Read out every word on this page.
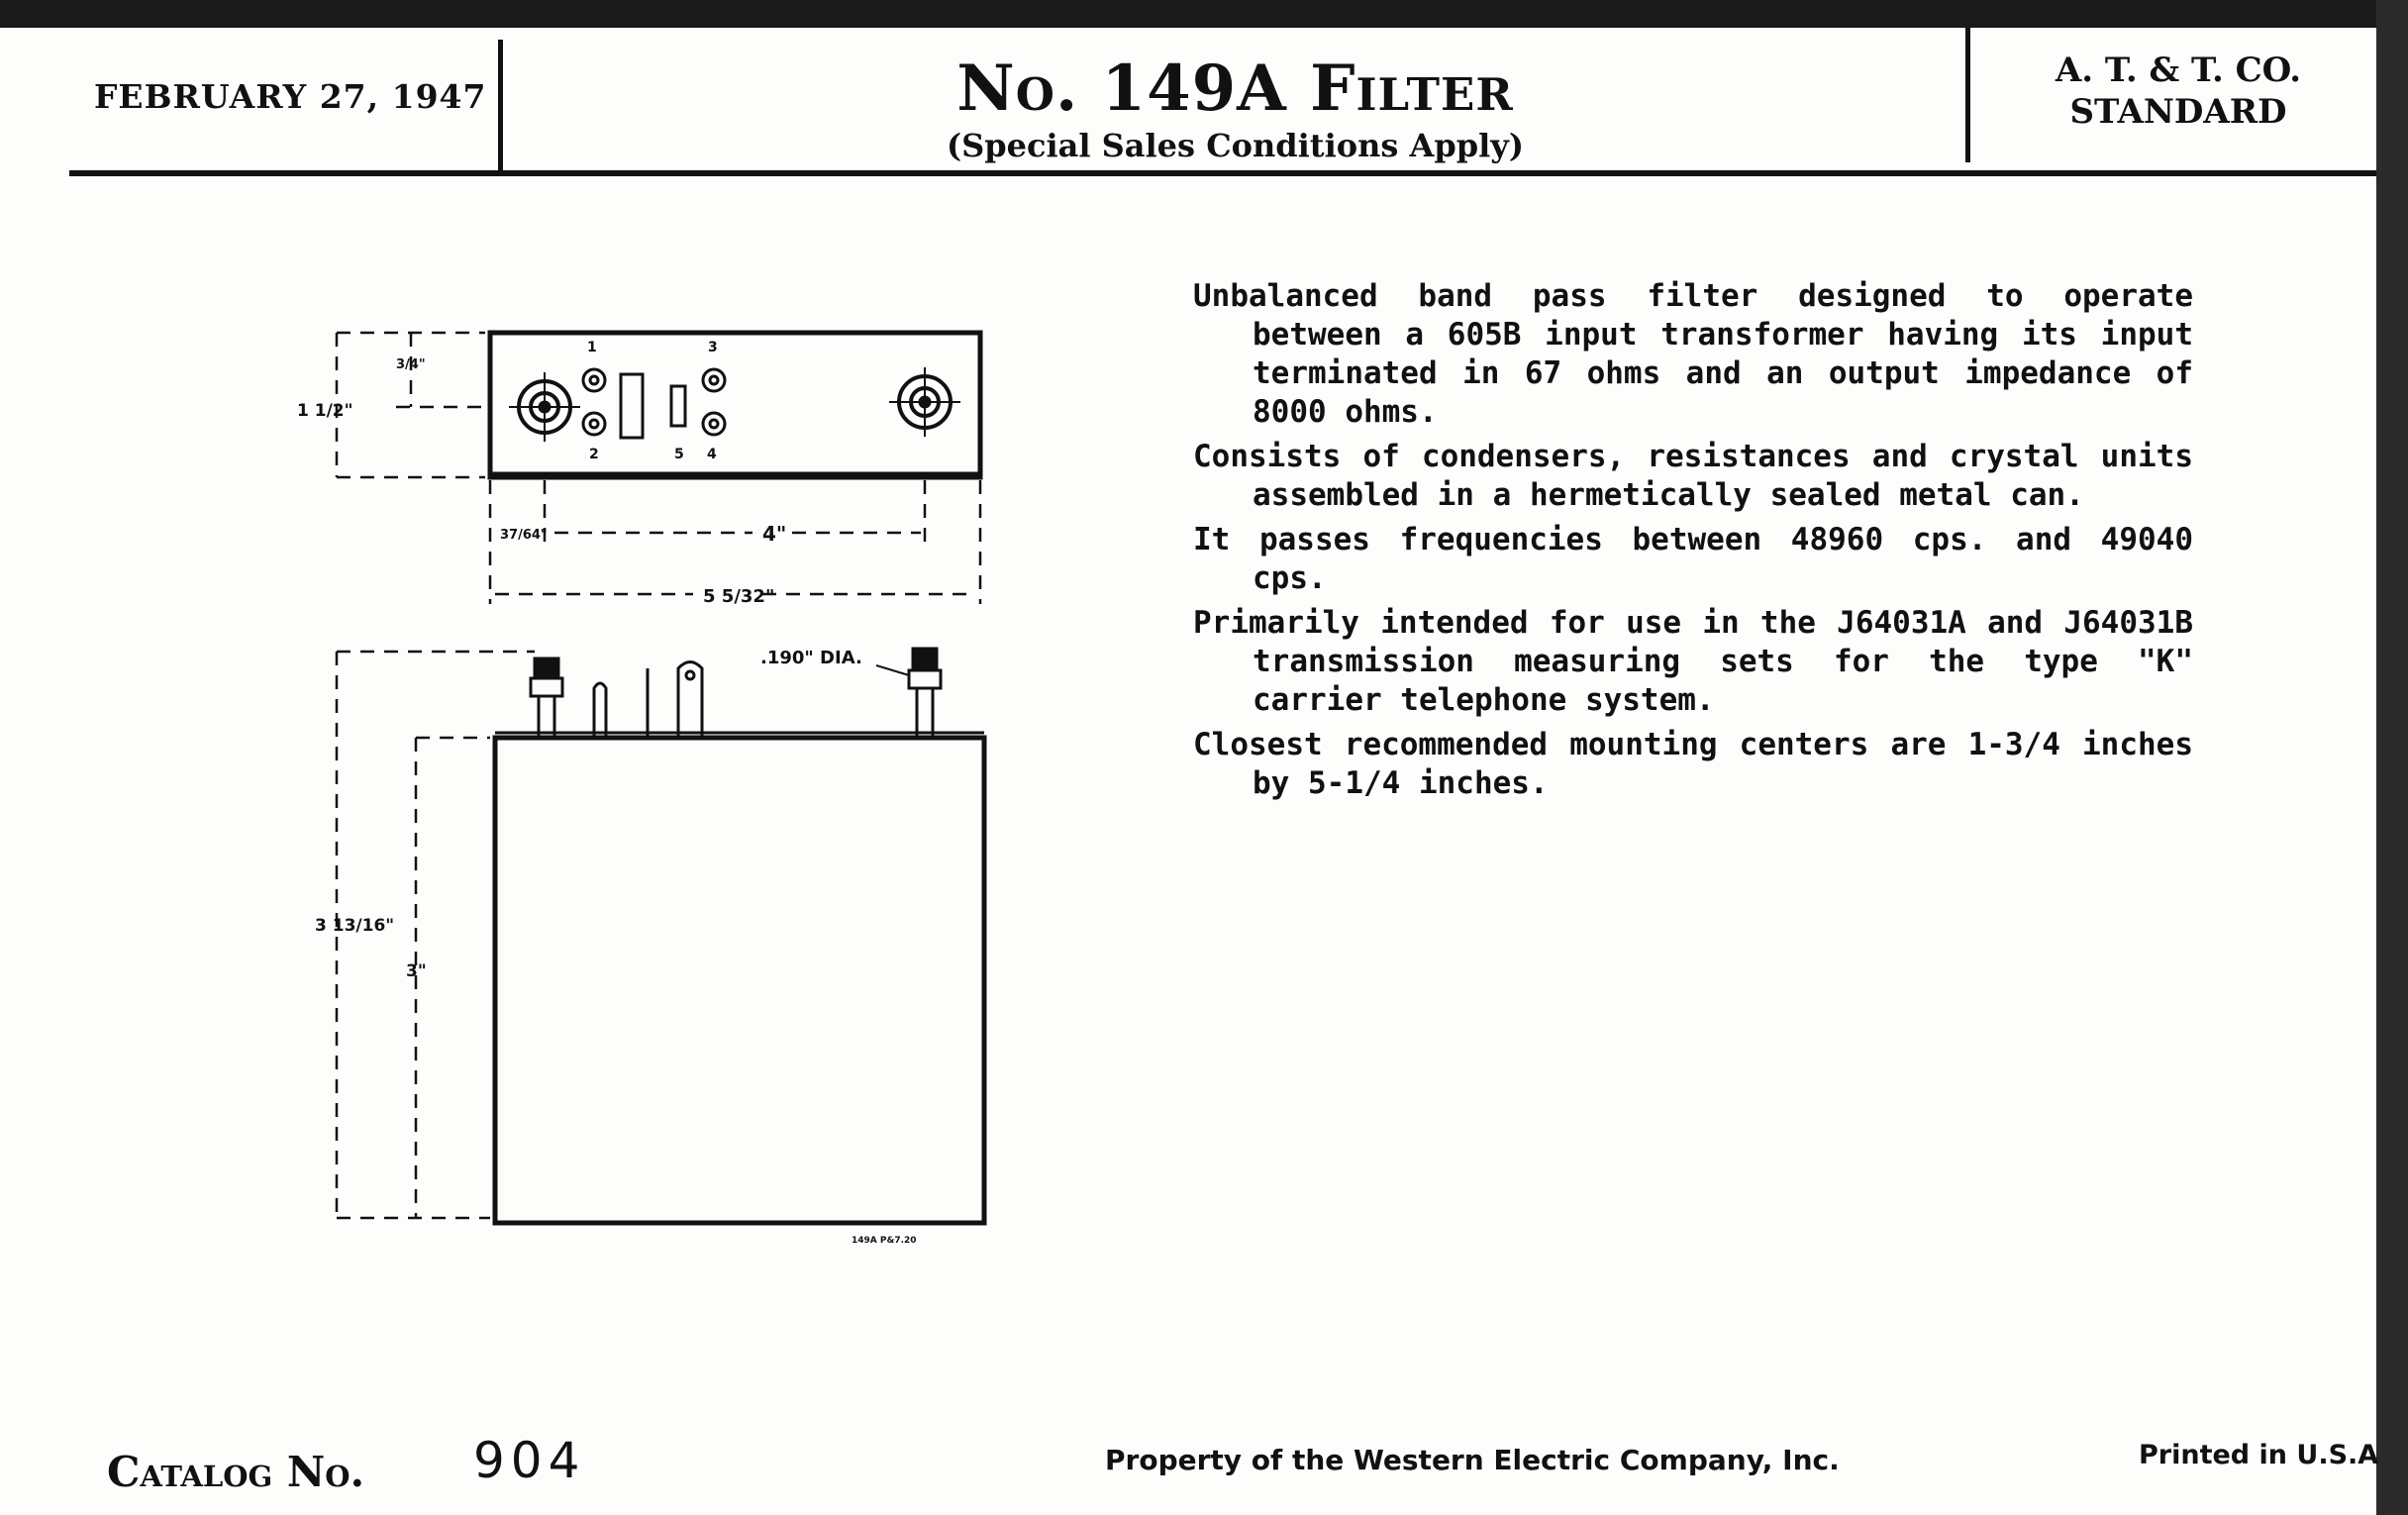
FEBRUARY 27, 1947	No. 149A Filter
(Special Sales Conditions Apply)
A. T. & T. CO.
STANDARD

Unbalanced band pass filter designed to operate between a 605B input transformer having its input terminated in 67 ohms and an output impedance of 8000 ohms.

Consists of condensers, resistances and crystal units assembled in a hermetically sealed metal can.

It passes frequencies between 48960 cps. and 49040 cps.

Primarily intended for use in the J64031A and J64031B transmission measuring sets for the type "K" carrier telephone system.

Closest recommended mounting centers are 1-3/4 inches by 5-1/4 inches.

1
2
3
5 4
1 1/2"
3/4"
37/64"	4"
5 5/32"
.190" DIA.
3 13/16"
3"
149A P&7.20
Catalog No. 904	Property of the Western Electric Company, Inc.	Printed in U.S.A
